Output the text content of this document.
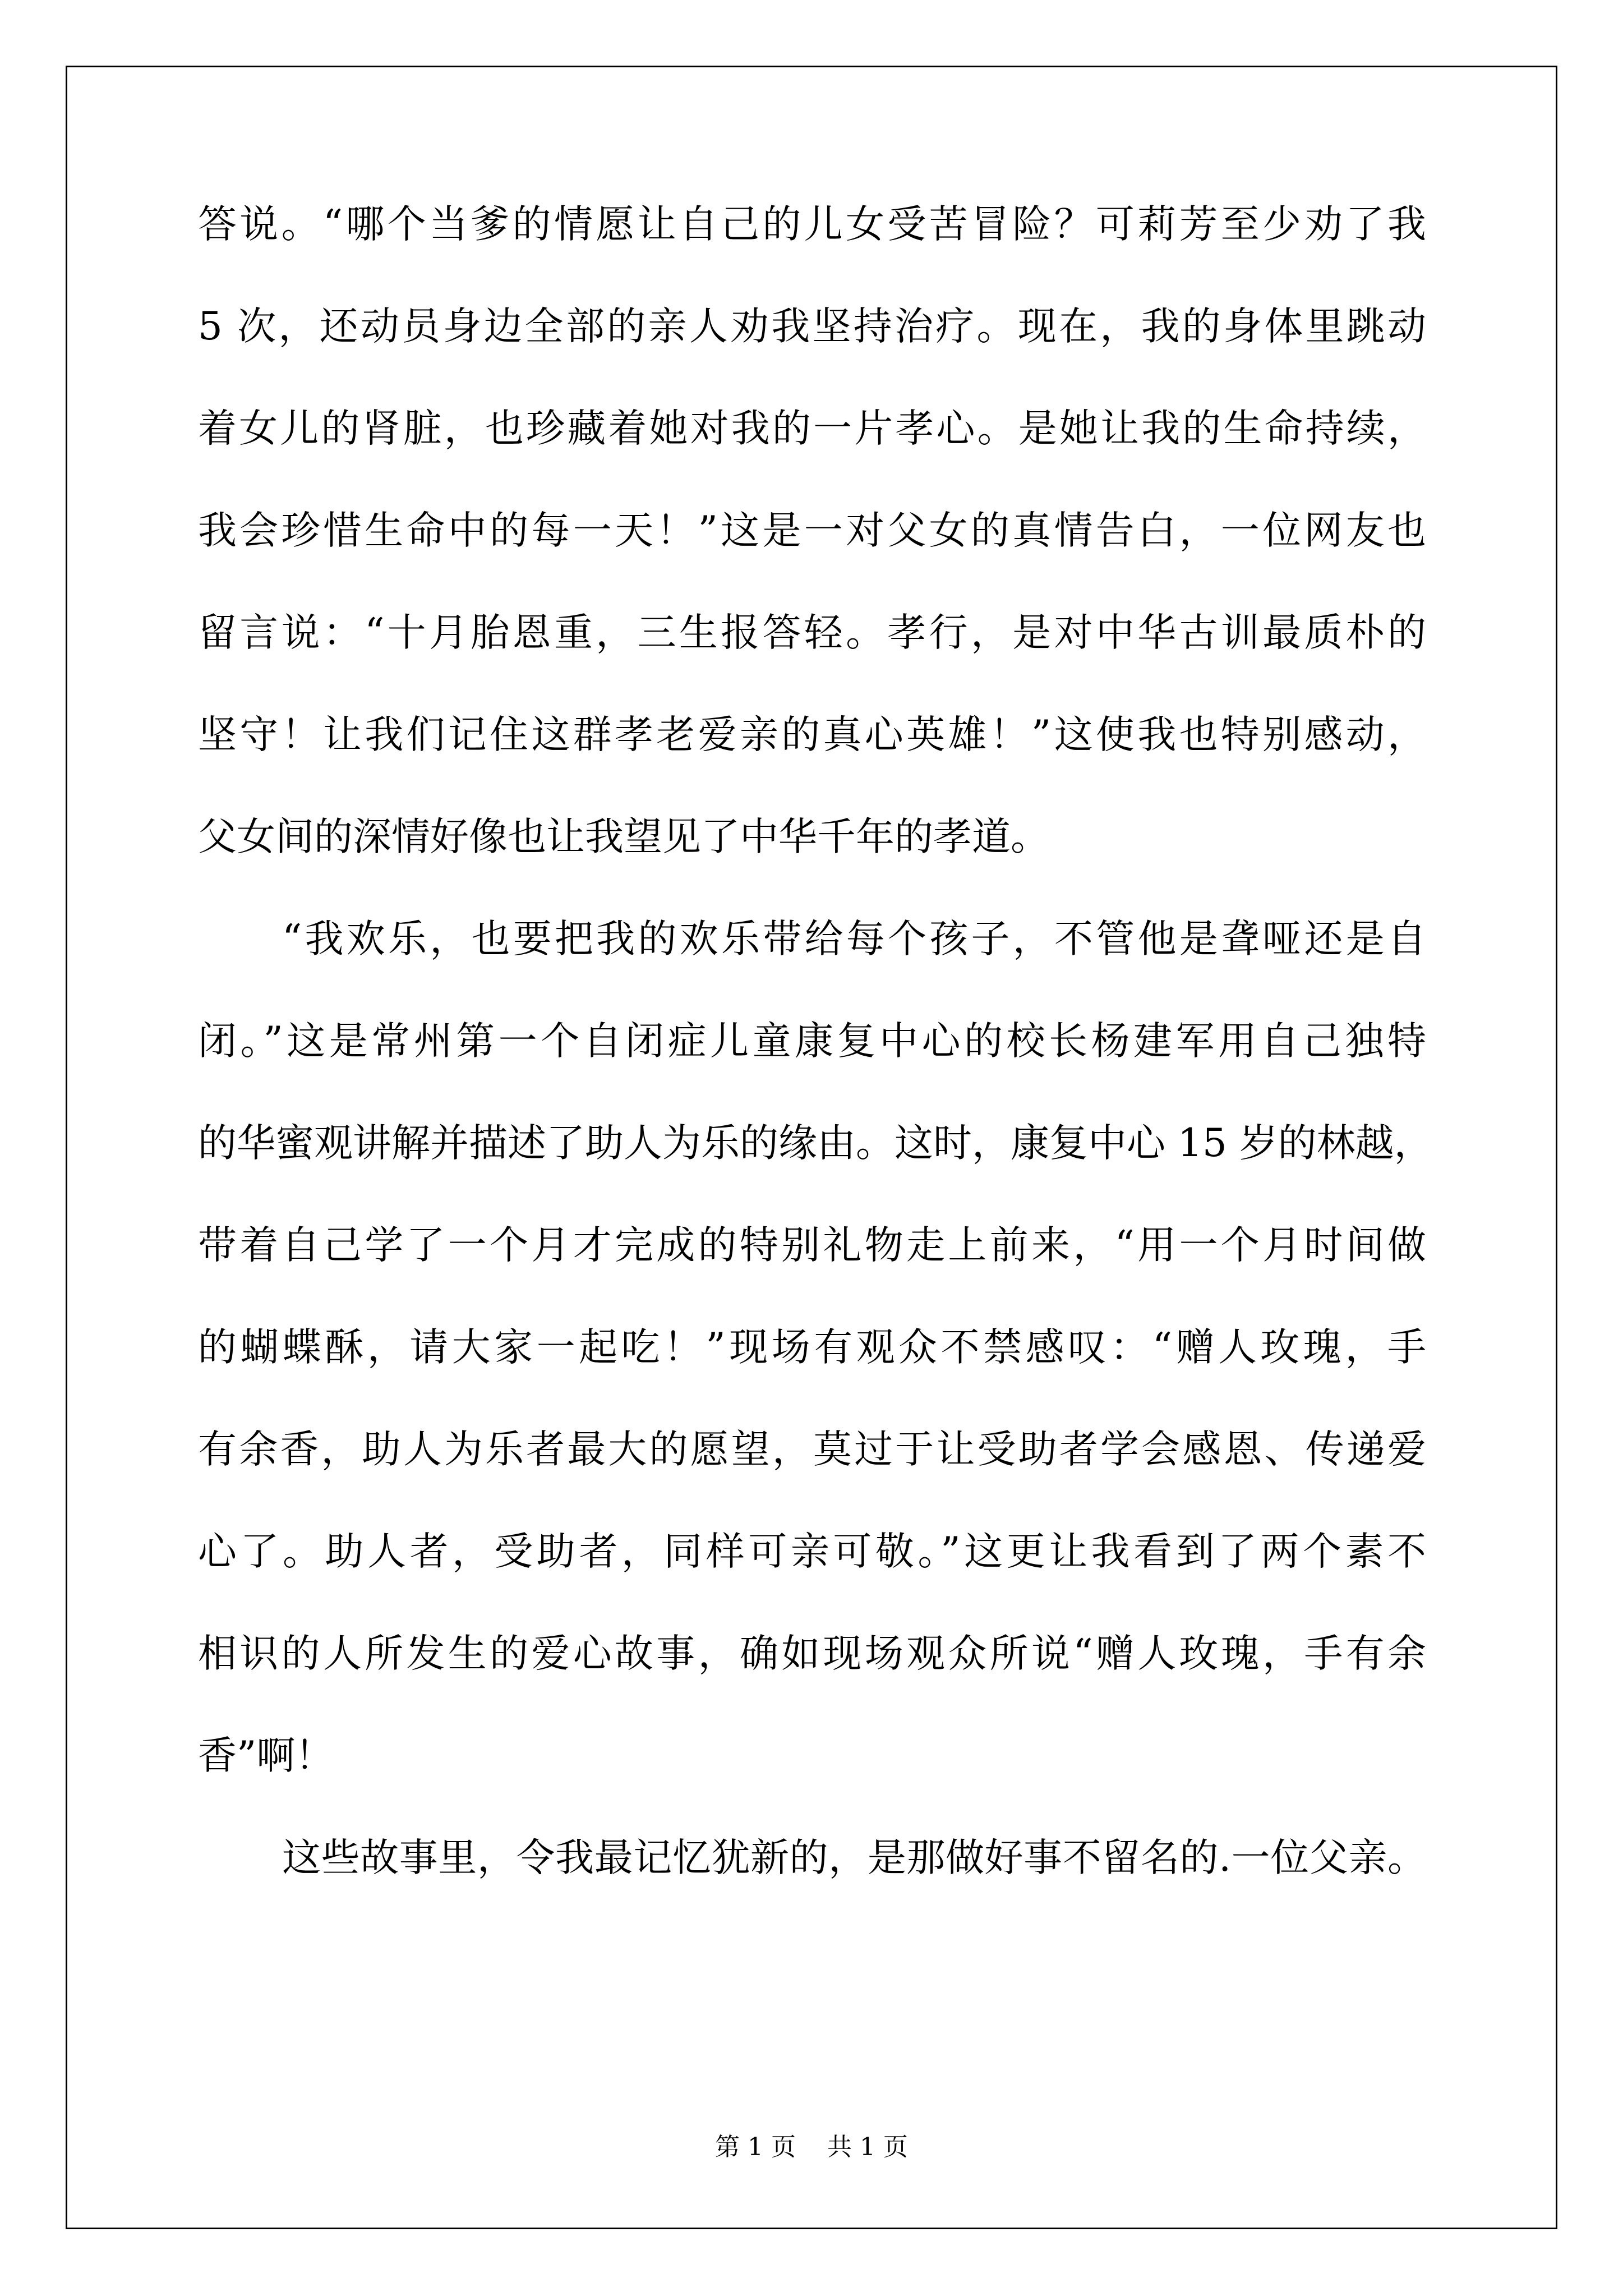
答说。“哪个当爹的情愿让自己的儿女受苦冒险？可莉芳至少劝了我
5 次，还动员身边全部的亲人劝我坚持治疗。现在，我的身体里跳动
着女儿的肾脏，也珍藏着她对我的一片孝心。是她让我的生命持续，
我会珍惜生命中的每一天！”这是一对父女的真情告白，一位网友也
留言说：“十月胎恩重，三生报答轻。孝行，是对中华古训最质朴的
坚守！让我们记住这群孝老爱亲的真心英雄！”这使我也特别感动，
父女间的深情好像也让我望见了中华千年的孝道。
“我欢乐，也要把我的欢乐带给每个孩子，不管他是聋哑还是自
闭。”这是常州第一个自闭症儿童康复中心的校长杨建军用自己独特
的华蜜观讲解并描述了助人为乐的缘由。这时，康复中心 15 岁的林越，
带着自己学了一个月才完成的特别礼物走上前来，“用一个月时间做
的蝴蝶酥，请大家一起吃！”现场有观众不禁感叹：“赠人玫瑰，手
有余香，助人为乐者最大的愿望，莫过于让受助者学会感恩、传递爱
心了。助人者，受助者，同样可亲可敬。”这更让我看到了两个素不
相识的人所发生的爱心故事，确如现场观众所说“赠人玫瑰，手有余
香”啊！
这些故事里，令我最记忆犹新的，是那做好事不留名的.一位父亲。
第 1 页 共 1 页
